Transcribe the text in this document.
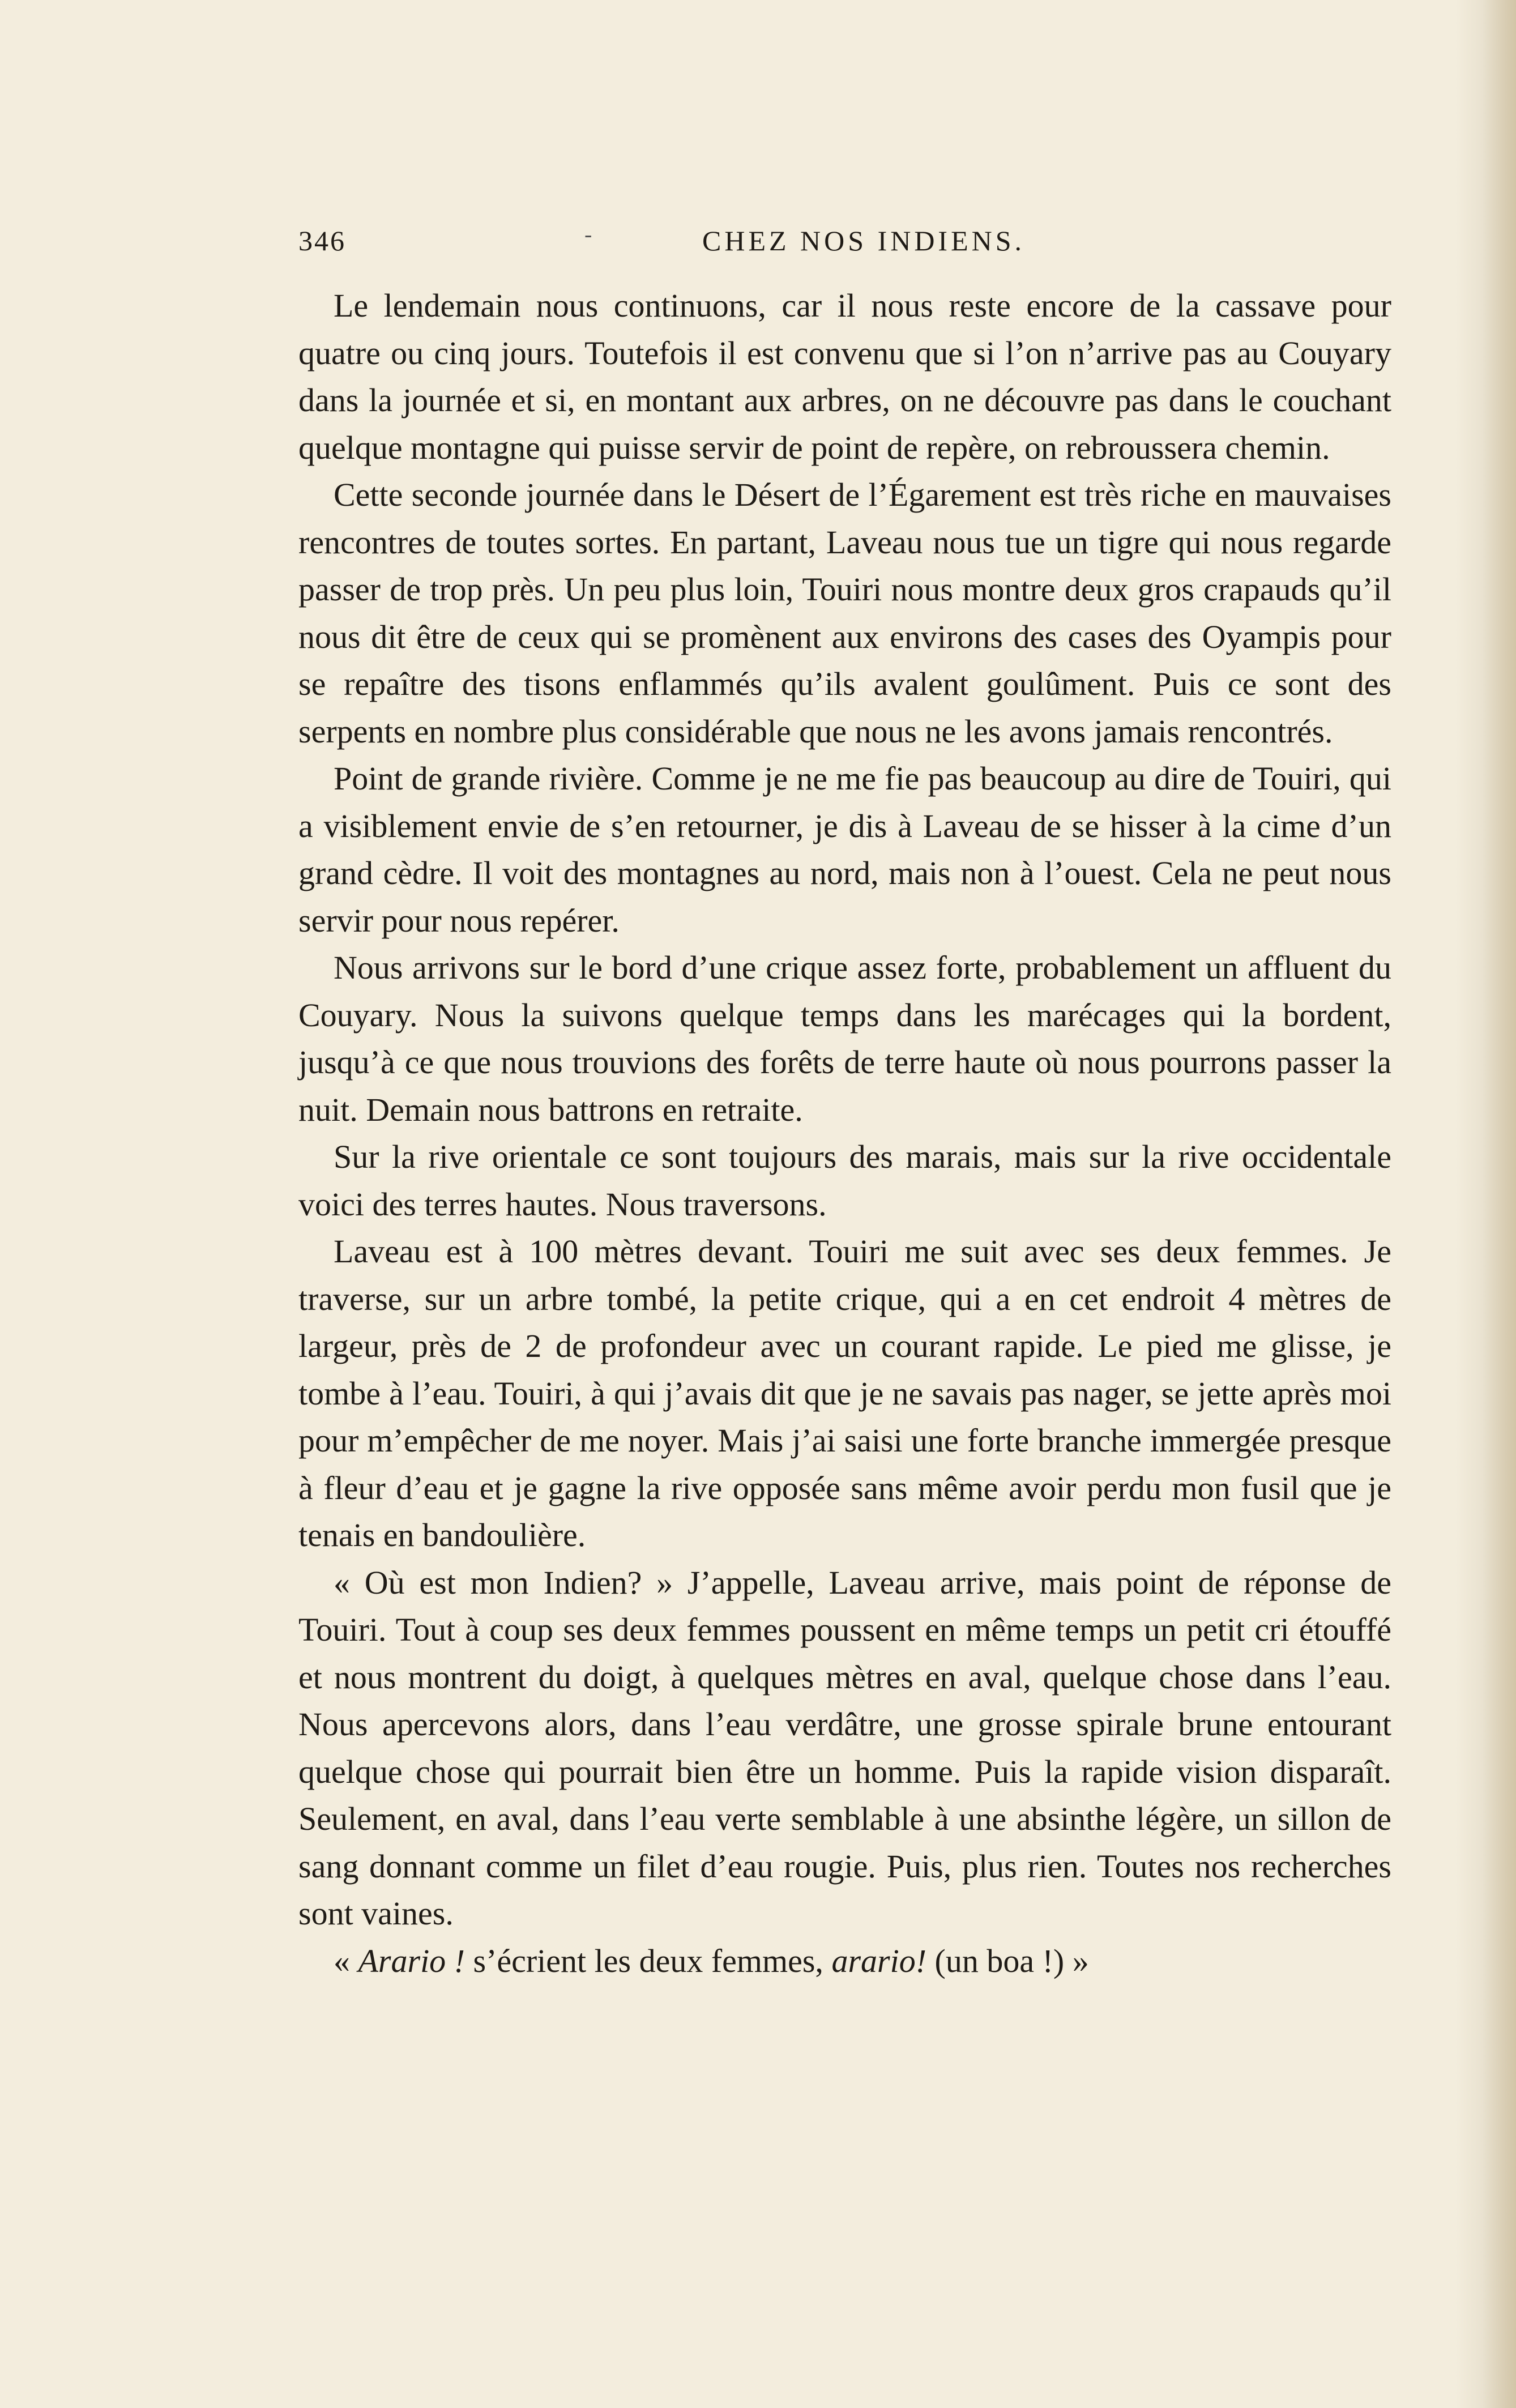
346	-	CHEZ NOS INDIENS.

Le lendemain nous continuons, car il nous reste encore de la cassave pour quatre ou cinq jours. Toutefois il est convenu que si l’on n’arrive pas au Couyary dans la journée et si, en montant aux arbres, on ne découvre pas dans le couchant quelque montagne qui puisse servir de point de repère, on rebroussera chemin.

Cette seconde journée dans le Désert de l’Égarement est très riche en mauvaises rencontres de toutes sortes. En partant, Laveau nous tue un tigre qui nous regarde passer de trop près. Un peu plus loin, Touiri nous montre deux gros crapauds qu’il nous dit être de ceux qui se promènent aux environs des cases des Oyampis pour se repaître des tisons enflammés qu’ils avalent goulûment. Puis ce sont des serpents en nombre plus considérable que nous ne les avons jamais rencontrés.

Point de grande rivière. Comme je ne me fie pas beaucoup au dire de Touiri, qui a visiblement envie de s’en retourner, je dis à Laveau de se hisser à la cime d’un grand cèdre. Il voit des montagnes au nord, mais non à l’ouest. Cela ne peut nous servir pour nous repérer.

Nous arrivons sur le bord d’une crique assez forte, probablement un affluent du Couyary. Nous la suivons quelque temps dans les marécages qui la bordent, jusqu’à ce que nous trouvions des forêts de terre haute où nous pourrons passer la nuit. Demain nous battrons en retraite.

Sur la rive orientale ce sont toujours des marais, mais sur la rive occidentale voici des terres hautes. Nous traversons.

Laveau est à 100 mètres devant. Touiri me suit avec ses deux femmes. Je traverse, sur un arbre tombé, la petite crique, qui a en cet endroit 4 mètres de largeur, près de 2 de profondeur avec un courant rapide. Le pied me glisse, je tombe à l’eau. Touiri, à qui j’avais dit que je ne savais pas nager, se jette après moi pour m’empêcher de me noyer. Mais j’ai saisi une forte branche immergée presque à fleur d’eau et je gagne la rive opposée sans même avoir perdu mon fusil que je tenais en bandoulière.

« Où est mon Indien? » J’appelle, Laveau arrive, mais point de réponse de Touiri. Tout à coup ses deux femmes poussent en même temps un petit cri étouffé et nous montrent du doigt, à quelques mètres en aval, quelque chose dans l’eau. Nous apercevons alors, dans l’eau verdâtre, une grosse spirale brune entourant quelque chose qui pourrait bien être un homme. Puis la rapide vision disparaît. Seulement, en aval, dans l’eau verte semblable à une absinthe légère, un sillon de sang donnant comme un filet d’eau rougie. Puis, plus rien. Toutes nos recherches sont vaines.

« Arario ! s’écrient les deux femmes, arario! (un boa !) »
